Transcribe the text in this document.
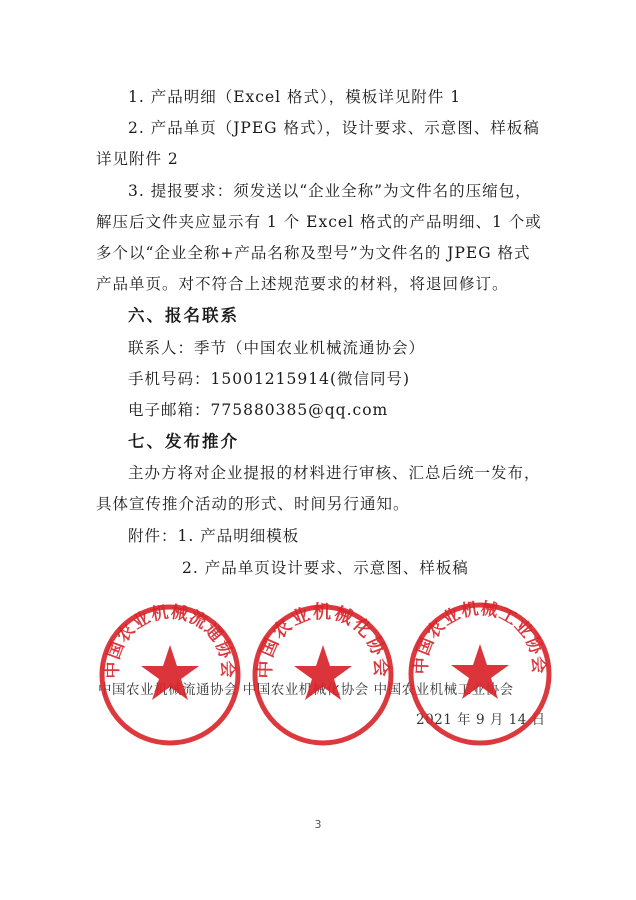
1. 产品明细（Excel 格式），模板详见附件 1
2. 产品单页（JPEG 格式），设计要求、示意图、样板稿
详见附件 2
3. 提报要求：须发送以“企业全称”为文件名的压缩包，
解压后文件夹应显示有 1 个 Excel 格式的产品明细、1 个或
多个以“企业全称+产品名称及型号”为文件名的 JPEG 格式
产品单页。对不符合上述规范要求的材料，将退回修订。
六、报名联系
联系人：季节（中国农业机械流通协会）
手机号码：15001215914(微信同号)
电子邮箱：775880385@qq.com
七、发布推介
主办方将对企业提报的材料进行审核、汇总后统一发布，
具体宣传推介活动的形式、时间另行通知。
附件：1. 产品明细模板
2. 产品单页设计要求、示意图、样板稿
中国农业机械流通协会 中国农业机械化协会 中国农业机械工业协会
2021 年 9 月 14 日
中国农业机械流通协会 中国农业机械化协会 中国农业机械工业协会
3
